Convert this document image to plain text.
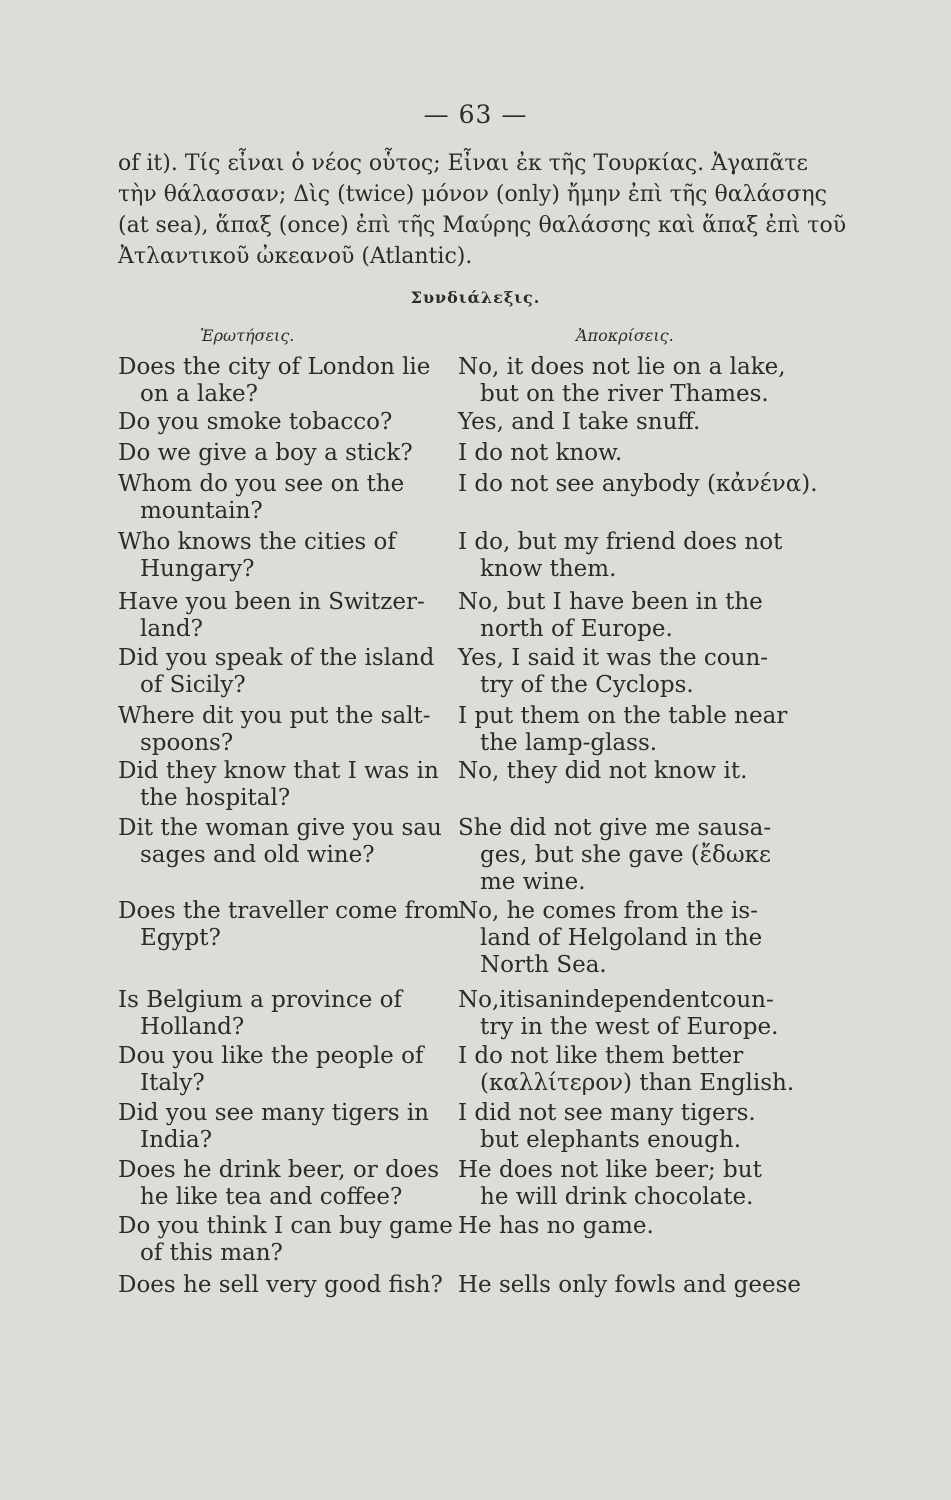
— 63 —
of it). Τίς εἶναι ὁ νέος οὗτος; Εἶναι ἐκ τῆς Τουρκίας. Ἀγαπᾶτε
τὴν θάλασσαν; Δὶς (twice) μόνον (only) ἤμην ἐπὶ τῆς θαλάσσης
(at sea), ἅπαξ (once) ἐπὶ τῆς Μαύρης θαλάσσης καὶ ἅπαξ ἐπὶ τοῦ
Ἀτλαντικοῦ ὠκεανοῦ (Atlantic).
Συνδιάλεξις.
Ἐρωτήσεις.	Ἀποκρίσεις.
Does the city of London lie
on a lake?
Do you smoke tobacco?
Do we give a boy a stick?
Whom do you see on the
mountain?
Who knows the cities of
Hungary?
Have you been in Switzer-
land?
Did you speak of the island
of Sicily?
Where dit you put the salt-
spoons?
Did they know that I was in
the hospital?
Dit the woman give you sau
sages and old wine?
Does the traveller come from
Egypt?
Is Belgium a province of
Holland?
Dou you like the people of
Italy?
Did you see many tigers in
India?
Does he drink beer, or does
he like tea and coffee?
Do you think I can buy game
of this man?
Does he sell very good fish?
No, it does not lie on a lake,
but on the river Thames.
Yes, and I take snuff.
I do not know.
I do not see anybody (κἀνένα).
I do, but my friend does not
know them.
No, but I have been in the
north of Europe.
Yes, I said it was the coun-
try of the Cyclops.
I put them on the table near
the lamp-glass.
No, they did not know it.
She did not give me sausa-
ges, but she gave (ἔδωκε
me wine.
No, he comes from the is-
land of Helgoland in the
North Sea.
No,itisanindependentcoun-
try in the west of Europe.
I do not like them better
(καλλίτερον) than English.
I did not see many tigers.
but elephants enough.
He does not like beer; but
he will drink chocolate.
He has no game.
He sells only fowls and geese
